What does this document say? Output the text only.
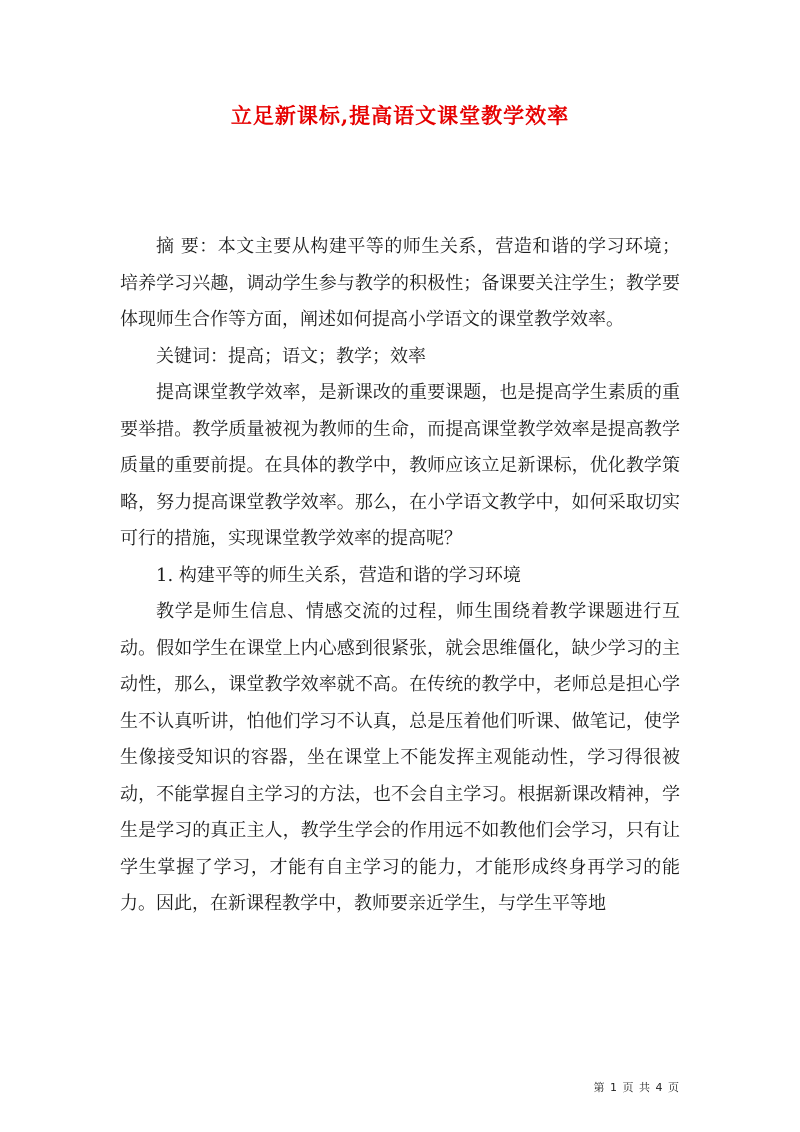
立足新课标,提高语文课堂教学效率

摘 要：本文主要从构建平等的师生关系，营造和谐的学习环境；培养学习兴趣，调动学生参与教学的积极性；备课要关注学生；教学要体现师生合作等方面，阐述如何提高小学语文的课堂教学效率。

关键词：提高；语文；教学；效率

提高课堂教学效率，是新课改的重要课题，也是提高学生素质的重要举措。教学质量被视为教师的生命，而提高课堂教学效率是提高教学质量的重要前提。在具体的教学中，教师应该立足新课标，优化教学策略，努力提高课堂教学效率。那么，在小学语文教学中，如何采取切实可行的措施，实现课堂教学效率的提高呢？

1. 构建平等的师生关系，营造和谐的学习环境

教学是师生信息、情感交流的过程，师生围绕着教学课题进行互动。假如学生在课堂上内心感到很紧张，就会思维僵化，缺少学习的主动性，那么，课堂教学效率就不高。在传统的教学中，老师总是担心学生不认真听讲，怕他们学习不认真，总是压着他们听课、做笔记，使学生像接受知识的容器，坐在课堂上不能发挥主观能动性，学习得很被动，不能掌握自主学习的方法，也不会自主学习。根据新课改精神，学生是学习的真正主人，教学生学会的作用远不如教他们会学习，只有让学生掌握了学习，才能有自主学习的能力，才能形成终身再学习的能力。因此，在新课程教学中，教师要亲近学生，与学生平等地

第 1 页 共 4 页
